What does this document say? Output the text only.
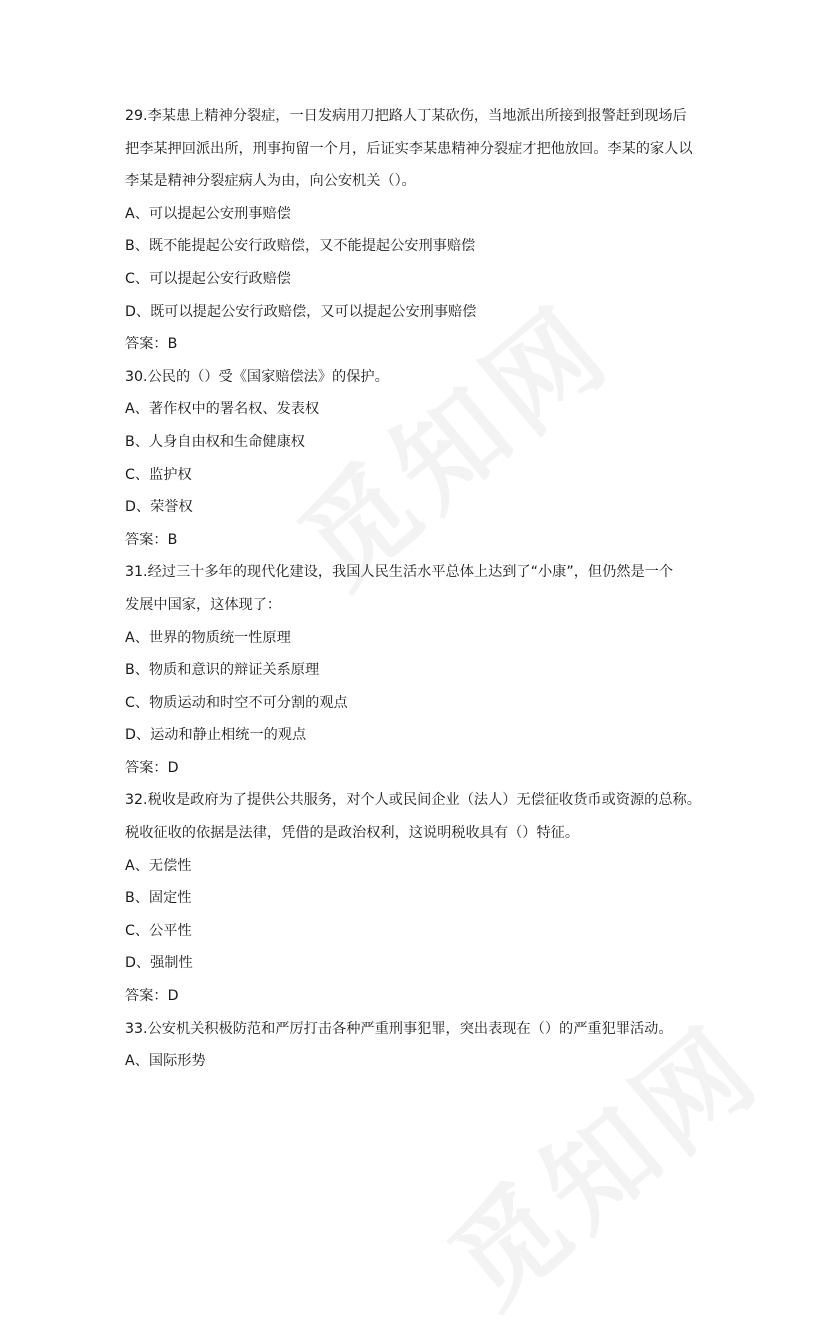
29.李某患上精神分裂症，一日发病用刀把路人丁某砍伤，当地派出所接到报警赶到现场后
把李某押回派出所，刑事拘留一个月，后证实李某患精神分裂症才把他放回。李某的家人以
李某是精神分裂症病人为由，向公安机关（）。
A、可以提起公安刑事赔偿
B、既不能提起公安行政赔偿，又不能提起公安刑事赔偿
C、可以提起公安行政赔偿
D、既可以提起公安行政赔偿，又可以提起公安刑事赔偿
答案：B
30.公民的（）受《国家赔偿法》的保护。
A、著作权中的署名权、发表权
B、人身自由权和生命健康权
C、监护权
D、荣誉权
答案：B
31.经过三十多年的现代化建设，我国人民生活水平总体上达到了“小康”，但仍然是一个
发展中国家，这体现了：
A、世界的物质统一性原理
B、物质和意识的辩证关系原理
C、物质运动和时空不可分割的观点
D、运动和静止相统一的观点
答案：D
32.税收是政府为了提供公共服务，对个人或民间企业（法人）无偿征收货币或资源的总称。
税收征收的依据是法律，凭借的是政治权利，这说明税收具有（）特征。
A、无偿性
B、固定性
C、公平性
D、强制性
答案：D
33.公安机关积极防范和严厉打击各种严重刑事犯罪，突出表现在（）的严重犯罪活动。
A、国际形势
